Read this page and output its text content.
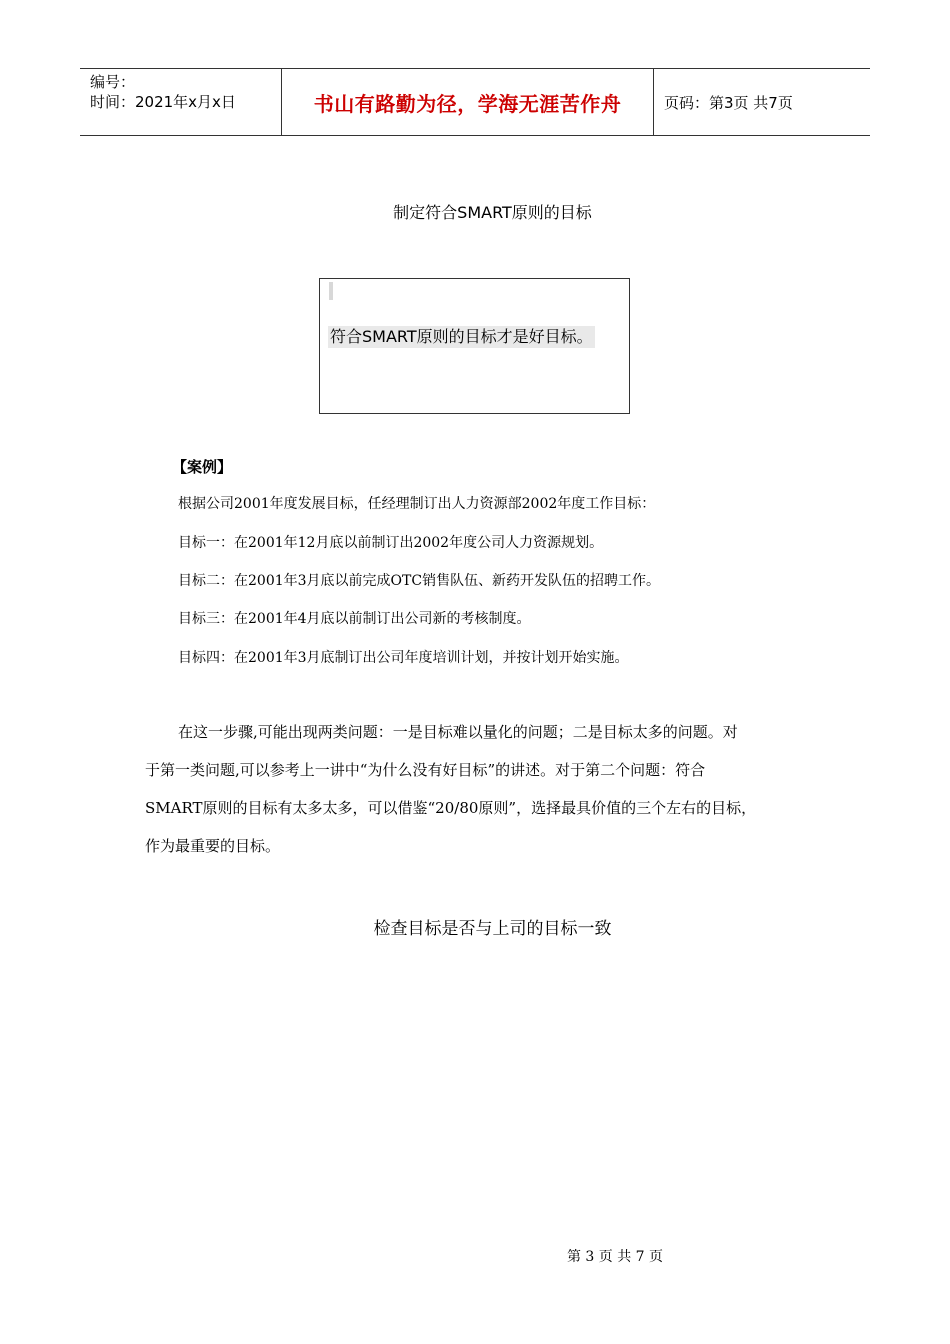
编号：
时间：2021年x月x日	书山有路勤为径，学海无涯苦作舟	页码：第3页 共7页
制定符合SMART原则的目标
符合SMART原则的目标才是好目标。
【案例】
根据公司2001年度发展目标，任经理制订出人力资源部2002年度工作目标：
目标一：在2001年12月底以前制订出2002年度公司人力资源规划。
目标二：在2001年3月底以前完成OTC销售队伍、新药开发队伍的招聘工作。
目标三：在2001年4月底以前制订出公司新的考核制度。
目标四：在2001年3月底制订出公司年度培训计划，并按计划开始实施。
在这一步骤,可能出现两类问题：一是目标难以量化的问题；二是目标太多的问题。对
于第一类问题,可以参考上一讲中“为什么没有好目标”的讲述。对于第二个问题：符合
SMART原则的目标有太多太多，可以借鉴“20/80原则”，选择最具价值的三个左右的目标，
作为最重要的目标。
检查目标是否与上司的目标一致
第 3 页 共 7 页
